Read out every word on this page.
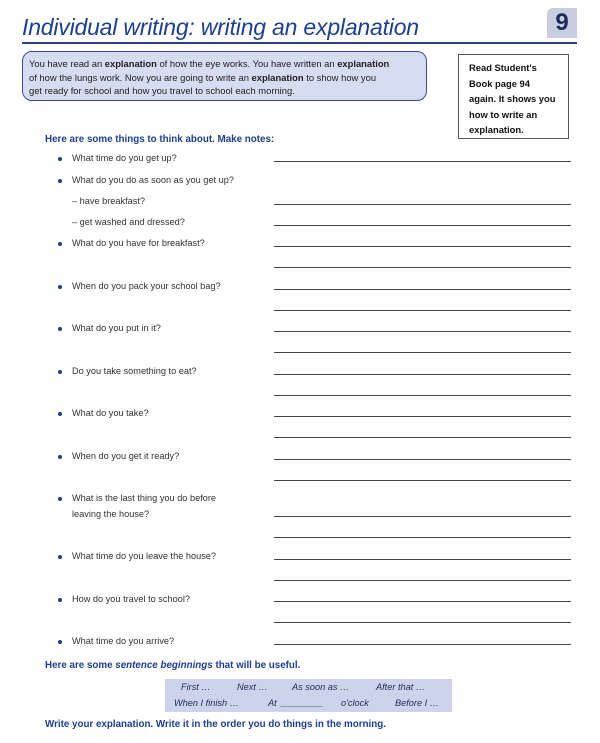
Individual writing: writing an explanation	9
You have read an explanation of how the eye works. You have written an explanation
of how the lungs work. Now you are going to write an explanation to show how you
get ready for school and how you travel to school each morning.
Read Student's
Book page 94
again. It shows you
how to write an
explanation.
Here are some things to think about. Make notes:
What time do you get up?
What do you do as soon as you get up?
– have breakfast?
– get washed and dressed?
What do you have for breakfast?
When do you pack your school bag?
What do you put in it?
Do you take something to eat?
What do you take?
When do you get it ready?
What is the last thing you do before
leaving the house?
What time do you leave the house?
How do you travel to school?
What time do you arrive?
Here are some sentence beginnings that will be useful.
First …	Next …	As soon as …	After that …
When I finish …	At __________ o'clock	Before I …
Write your explanation. Write it in the order you do things in the morning.
